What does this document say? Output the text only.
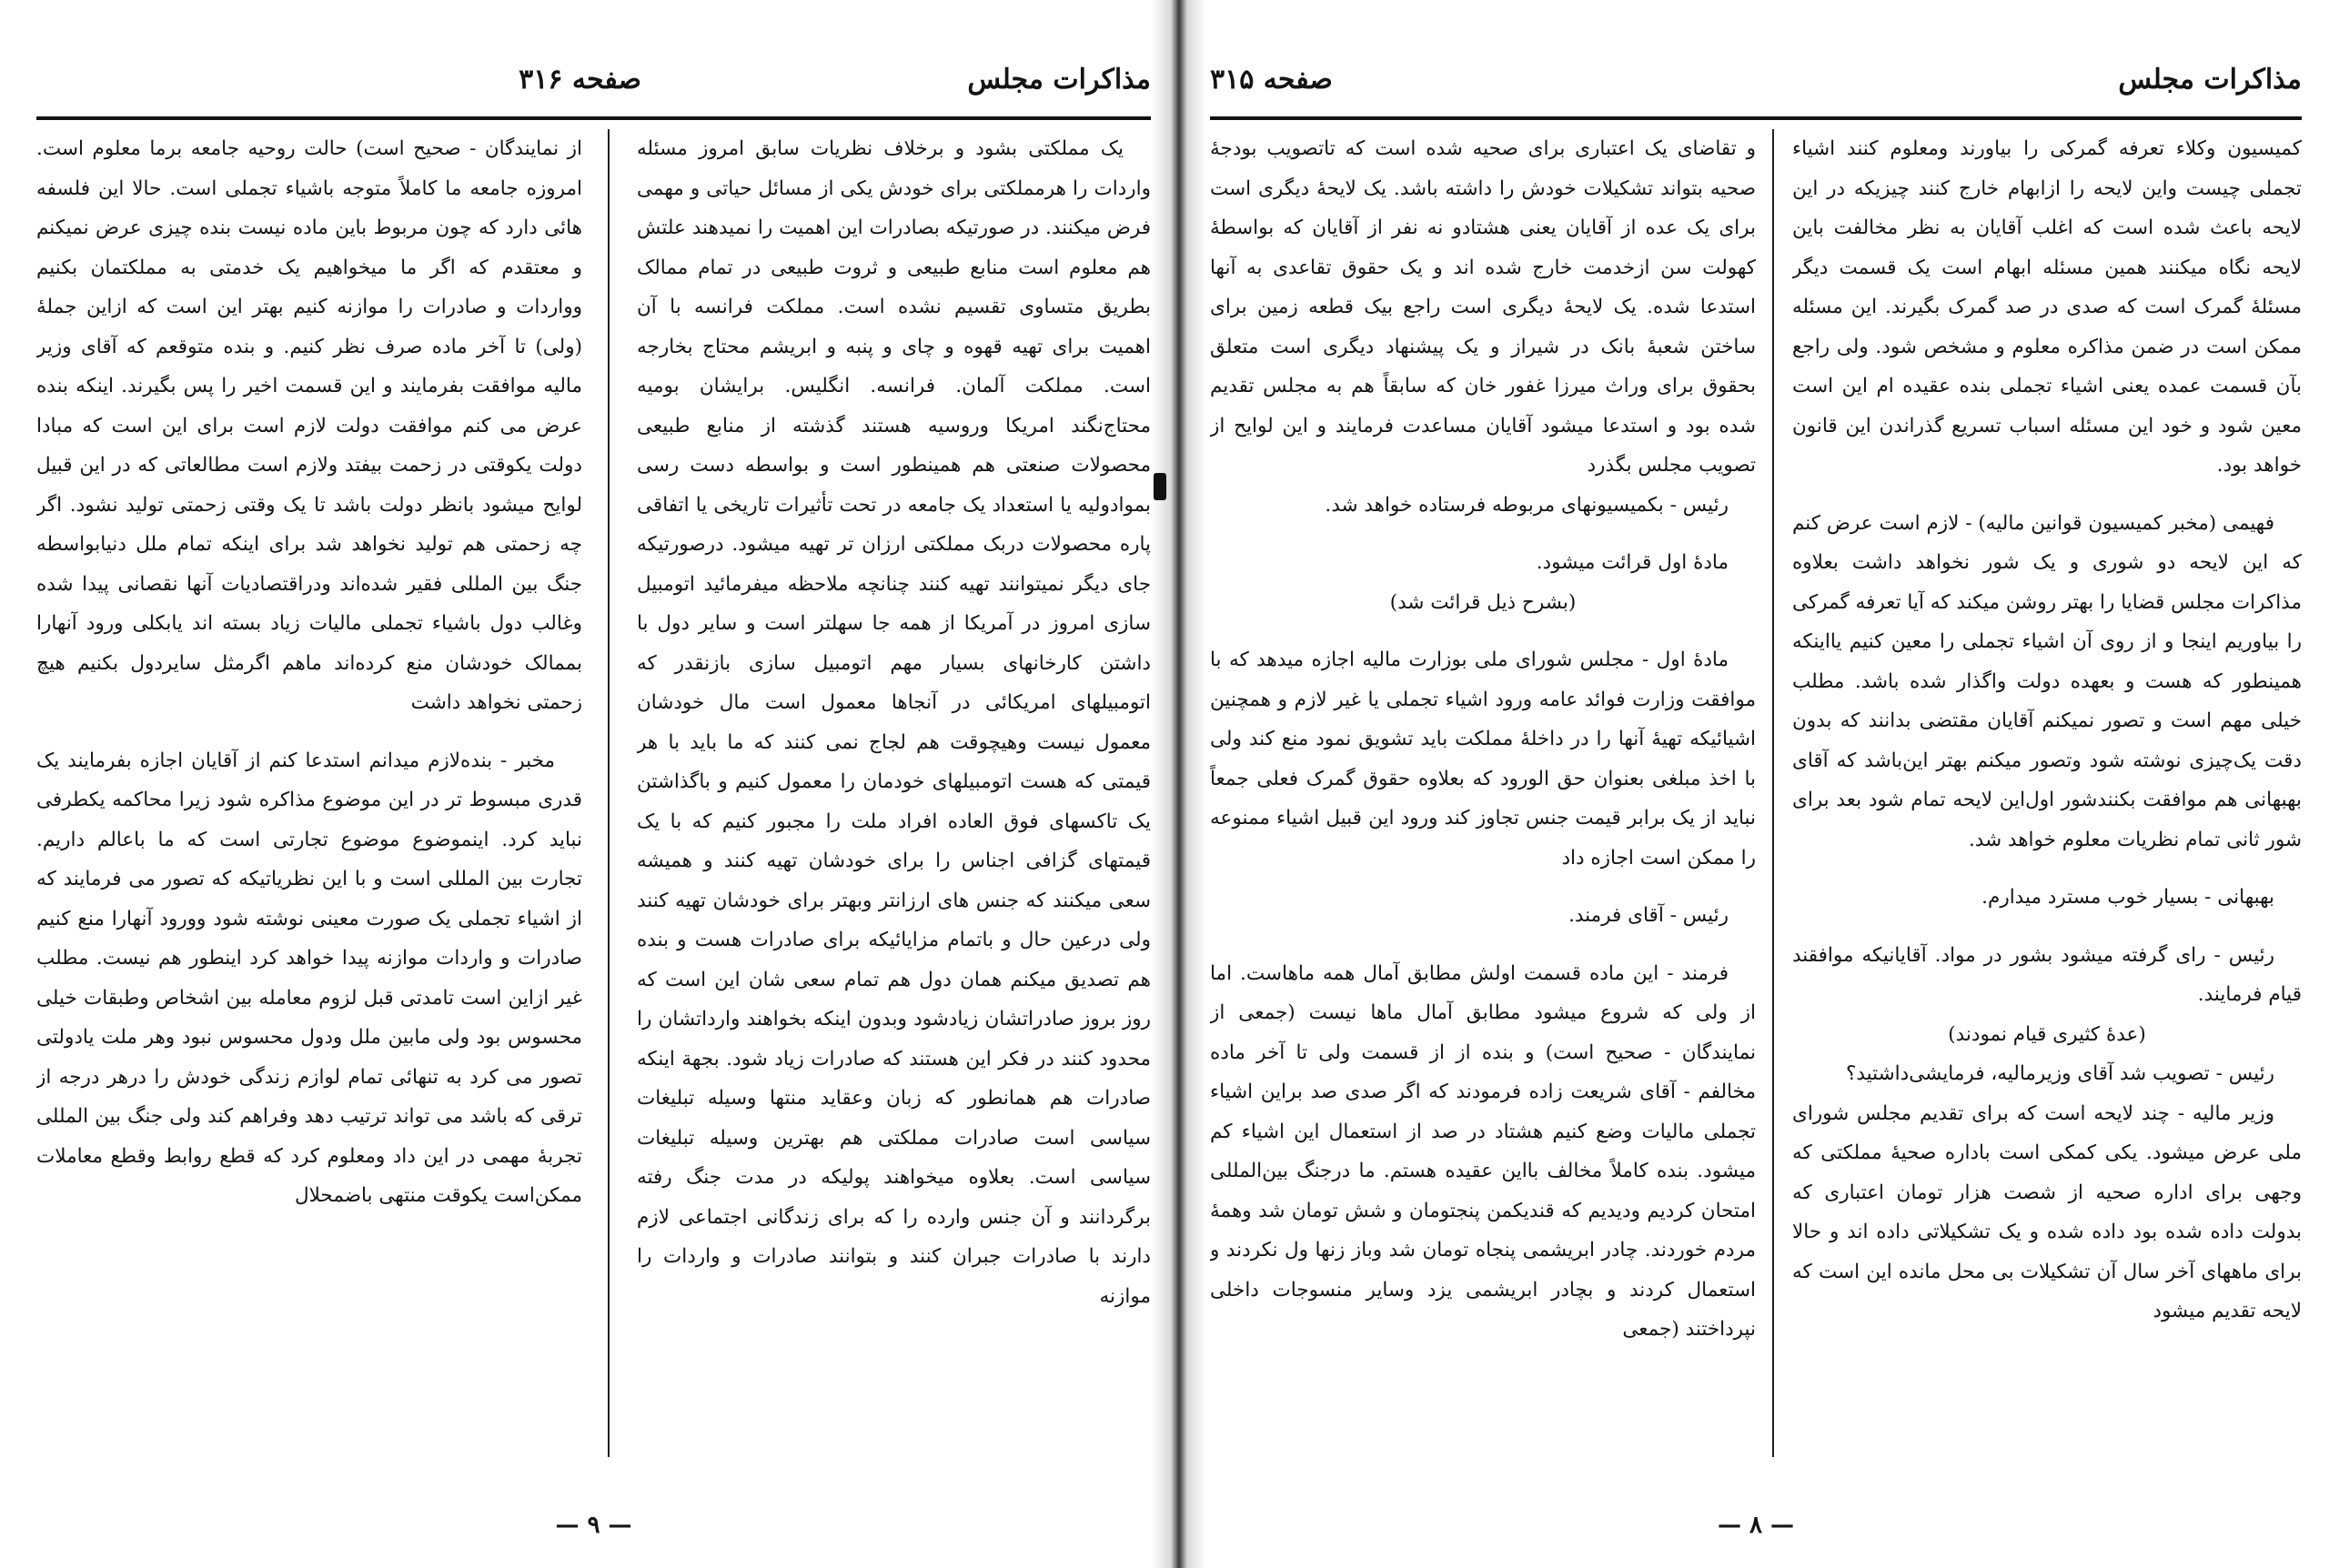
مذاکرات مجلس
صفحه ۳۱۶

یک مملکتی بشود و برخلاف نظریات سابق امروز مسئله واردات را هرمملکتی برای خودش یکی از مسائل حیاتی و مهمی فرض میکنند. در صورتیکه بصادرات این اهمیت را نمیدهند علتش هم معلوم است منابع طبیعی و ثروت طبیعی در تمام ممالک بطریق متساوی تقسیم نشده است. مملکت فرانسه با آن اهمیت برای تهیه قهوه و چای و پنبه و ابریشم محتاج بخارجه است. مملکت آلمان. فرانسه. انگلیس. برایشان بومیه محتاج‌نگند امریکا وروسیه هستند گذشته از منابع طبیعی محصولات صنعتی هم همینطور است و بواسطه دست رسی بموادولیه یا استعداد یک جامعه در تحت تأثیرات تاریخی یا اتفاقی پاره محصولات دربک مملکتی ارزان تر تهیه میشود. درصورتیکه جای دیگر نمیتوانند تهیه کنند چنانچه ملاحظه میفرمائید اتومبیل سازی امروز در آمریکا از همه جا سهلتر است و سایر دول با داشتن کارخانهای بسیار مهم اتومبیل سازی بازنقدر که اتومبیلهای امریکائی در آنجاها معمول است مال خودشان معمول نیست وهیچوقت هم لجاج نمی کنند که ما باید با هر قیمتی که هست اتومبیلهای خودمان را معمول کنیم و باگذاشتن یک تاکسهای فوق العاده افراد ملت را مجبور کنیم که با یک قیمتهای گزافی اجناس را برای خودشان تهیه کنند و همیشه سعی میکنند که جنس های ارزانتر وبهتر برای خودشان تهیه کنند ولی درعین حال و باتمام مزایائیکه برای صادرات هست و بنده هم تصدیق میکنم همان دول هم تمام سعی شان این است که روز بروز صادراتشان زیادشود وبدون اینکه بخواهند وارداتشان را محدود کنند در فکر این هستند که صادرات زیاد شود. بجهة اینکه صادرات هم همانطور که زبان وعقاید منتها وسیله تبلیغات سیاسی است صادرات مملکتی هم بهترین وسیله تبلیغات سیاسی است. بعلاوه میخواهند پولیکه در مدت جنگ رفته برگردانند و آن جنس وارده را که برای زندگانی اجتماعی لازم دارند با صادرات جبران کنند و بتوانند صادرات و واردات را موازنه

از نمایندگان - صحیح است) حالت روحیه جامعه برما معلوم است. امروزه جامعه ما کاملاً متوجه باشیاء تجملی است. حالا این فلسفه هائی دارد که چون مربوط باین ماده نیست بنده چیزی عرض نمیکنم و معتقدم که اگر ما میخواهیم یک خدمتی به مملکتمان بکنیم وواردات و صادرات را موازنه کنیم بهتر این است که ازاین جملهٔ (ولی) تا آخر ماده صرف نظر کنیم. و بنده متوقعم که آقای وزیر مالیه موافقت بفرمایند و این قسمت اخیر را پس بگیرند. اینکه بنده عرض می کنم موافقت دولت لازم است برای این است که مبادا دولت یکوقتی در زحمت بیفتد ولازم است مطالعاتی که در این قبیل لوایح میشود بانظر دولت باشد تا یک وقتی زحمتی تولید نشود. اگر چه زحمتی هم تولید نخواهد شد برای اینکه تمام ملل دنیابواسطه جنگ بین المللی فقیر شده‌اند ودراقتصادیات آنها نقصانی پیدا شده وغالب دول باشیاء تجملی مالیات زیاد بسته اند یابکلی ورود آنهارا بممالک خودشان منع کرده‌اند ماهم اگرمثل سایردول بکنیم هیچ زحمتی نخواهد داشت

مخبر - بنده‌لازم میدانم استدعا کنم از آقایان اجازه بفرمایند یک قدری مبسوط تر در این موضوع مذاکره شود زیرا محاکمه یکطرفی نباید کرد. اینموضوع موضوع تجارتی است که ما باعالم داریم. تجارت بین المللی است و با این نظریاتیکه که تصور می فرمایند که از اشیاء تجملی یک صورت معینی نوشته شود وورود آنهارا منع کنیم صادرات و واردات موازنه پیدا خواهد کرد اینطور هم نیست. مطلب غیر ازاین است تامدتی قبل لزوم معامله بین اشخاص وطبقات خیلی محسوس بود ولی مابین ملل ودول محسوس نبود وهر ملت یادولتی تصور می کرد به تنهائی تمام لوازم زندگی خودش را درهر درجه از ترقی که باشد می تواند ترتیب دهد وفراهم کند ولی جنگ بین المللی تجربهٔ مهمی در این داد ومعلوم کرد که قطع روابط وقطع معاملات ممکن‌است یکوقت منتهی باضمحلال

— ۹ —
مذاکرات مجلس
صفحه ۳۱۵

کمیسیون وکلاء تعرفه گمرکی را بیاورند ومعلوم کنند اشیاء تجملی چیست واین لایحه را ازابهام خارج کنند چیزیکه در این لایحه باعث شده است که اغلب آقایان به نظر مخالفت باین لایحه نگاه میکنند همین مسئله ابهام است یک قسمت دیگر مسئلهٔ گمرک است که صدی در صد گمرک بگیرند. این مسئله ممکن است در ضمن مذاکره معلوم و مشخص شود. ولی راجع بآن قسمت عمده یعنی اشیاء تجملی بنده عقیده ام این است معین شود و خود این مسئله اسباب تسریع گذراندن این قانون خواهد بود.

فهیمی (مخبر کمیسیون قوانین مالیه) - لازم است عرض کنم که این لایحه دو شوری و یک شور نخواهد داشت بعلاوه مذاکرات مجلس قضایا را بهتر روشن میکند که آیا تعرفه گمرکی را بیاوریم اینجا و از روی آن اشیاء تجملی را معین کنیم یااینکه همینطور که هست و بعهده دولت واگذار شده باشد. مطلب خیلی مهم است و تصور نمیکنم آقایان مقتضی بدانند که بدون دقت یک‌چیزی نوشته شود وتصور میکنم بهتر این‌باشد که آقای بهبهانی هم موافقت بکنندشور اول‌این لایحه تمام شود بعد برای شور ثانی تمام نظریات معلوم خواهد شد.

بهبهانی - بسیار خوب مسترد میدارم.

رئیس - رای گرفته میشود بشور در مواد. آقایانیکه موافقند قیام فرمایند.

(عدهٔ کثیری قیام نمودند)

رئیس - تصویب شد آقای وزیرمالیه، فرمایشی‌داشتید؟

وزیر مالیه - چند لایحه است که برای تقدیم مجلس شورای ملی عرض میشود. یکی کمکی است باداره صحیهٔ مملکتی که وجهی برای اداره صحیه از شصت هزار تومان اعتباری که بدولت داده شده بود داده شده و یک تشکیلاتی داده اند و حالا برای ماههای آخر سال آن تشکیلات بی محل مانده این است که لایحه تقدیم میشود

و تقاضای یک اعتباری برای صحیه شده است که تاتصویب بودجهٔ صحیه بتواند تشکیلات خودش را داشته باشد. یک لایحهٔ دیگری است برای یک عده از آقایان یعنی هشتادو نه نفر از آقایان که بواسطهٔ کهولت سن ازخدمت خارج شده اند و یک حقوق تقاعدی به آنها استدعا شده. یک لایحهٔ دیگری است راجع بیک قطعه زمین برای ساختن شعبهٔ بانک در شیراز و یک پیشنهاد دیگری است متعلق بحقوق برای وراث میرزا غفور خان که سابقاً هم به مجلس تقدیم شده بود و استدعا میشود آقایان مساعدت فرمایند و این لوایح از تصویب مجلس بگذرد

رئیس - بکمیسیونهای مربوطه فرستاده خواهد شد.

مادهٔ اول قرائت میشود.

(بشرح ذیل قرائت شد)

مادهٔ اول - مجلس شورای ملی بوزارت مالیه اجازه میدهد که با موافقت وزارت فوائد عامه ورود اشیاء تجملی یا غیر لازم و همچنین اشیائیکه تهیهٔ آنها را در داخلهٔ مملکت باید تشویق نمود منع کند ولی با اخذ مبلغی بعنوان حق الورود که بعلاوه حقوق گمرک فعلی جمعاً نباید از یک برابر قیمت جنس تجاوز کند ورود این قبیل اشیاء ممنوعه را ممکن است اجازه داد

رئیس - آقای فرمند.

فرمند - این ماده قسمت اولش مطابق آمال همه ماهاست. اما از ولی که شروع میشود مطابق آمال ماها نیست (جمعی از نمایندگان - صحیح است) و بنده از از قسمت ولی تا آخر ماده مخالفم - آقای شریعت زاده فرمودند که اگر صدی صد براین اشیاء تجملی مالیات وضع کنیم هشتاد در صد از استعمال این اشیاء کم میشود. بنده کاملاً مخالف بااین عقیده هستم. ما درجنگ بین‌المللی امتحان کردیم ودیدیم که قندیکمن پنجتومان و شش تومان شد وهمهٔ مردم خوردند. چادر ابریشمی پنجاه تومان شد وباز زنها ول نکردند و استعمال کردند و بچادر ابریشمی یزد وسایر منسوجات داخلی نپرداختند (جمعی

— ۸ —
